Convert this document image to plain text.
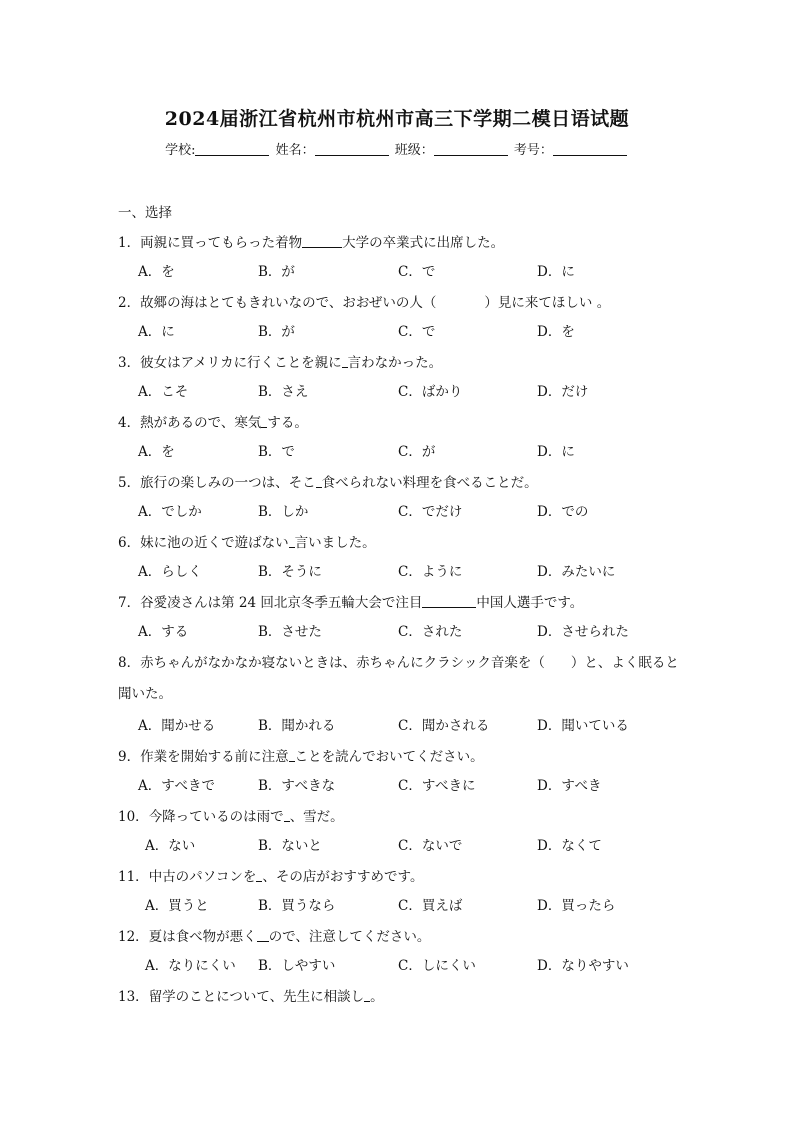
2024届浙江省杭州市杭州市高三下学期二模日语试题
学校:	姓名：	班级：	考号：
一、选择
1．両親に買ってもらった着物	大学の卒業式に出席した。
A．を	B．が	C．で	D．に
2．故郷の海はとてもきれいなので、おおぜいの人（	）見に来てほしい 。
A．に	B．が	C．で	D．を
3．彼女はアメリカに行くことを親に 言わなかった。
A．こそ	B．さえ	C．ばかり	D．だけ
4．熱があるので、寒気 する。
A．を	B．で	C．が	D．に
5．旅行の楽しみの一つは、そこ 食べられない料理を食べることだ。
A．でしか	B．しか	C．でだけ	D．での
6．妹に池の近くで遊ばない 言いました。
A．らしく	B．そうに	C．ように	D．みたいに
7．谷愛凌さんは第 24 回北京冬季五輪大会で注目	中国人選手です。
A．する	B．させた	C．された	D．させられた
8．赤ちゃんがなかなか寝ないときは、赤ちゃんにクラシック音楽を（ ）と、よく眠ると聞いた。
A．聞かせる	B．聞かれる	C．聞かされる	D．聞いている
9．作業を開始する前に注意 ことを読んでおいてください。
A．すべきで	B．すべきな	C．すべきに	D．すべき
10．今降っているのは雨で 、雪だ。
A．ない	B．ないと	C．ないで	D．なくて
11．中古のパソコンを 、その店がおすすめです。
A．買うと	B．買うなら	C．買えば	D．買ったら
12．夏は食べ物が悪く ので、注意してください。
A．なりにくい B．しやすい	C．しにくい	D．なりやすい
13．留学のことについて、先生に相談し 。
